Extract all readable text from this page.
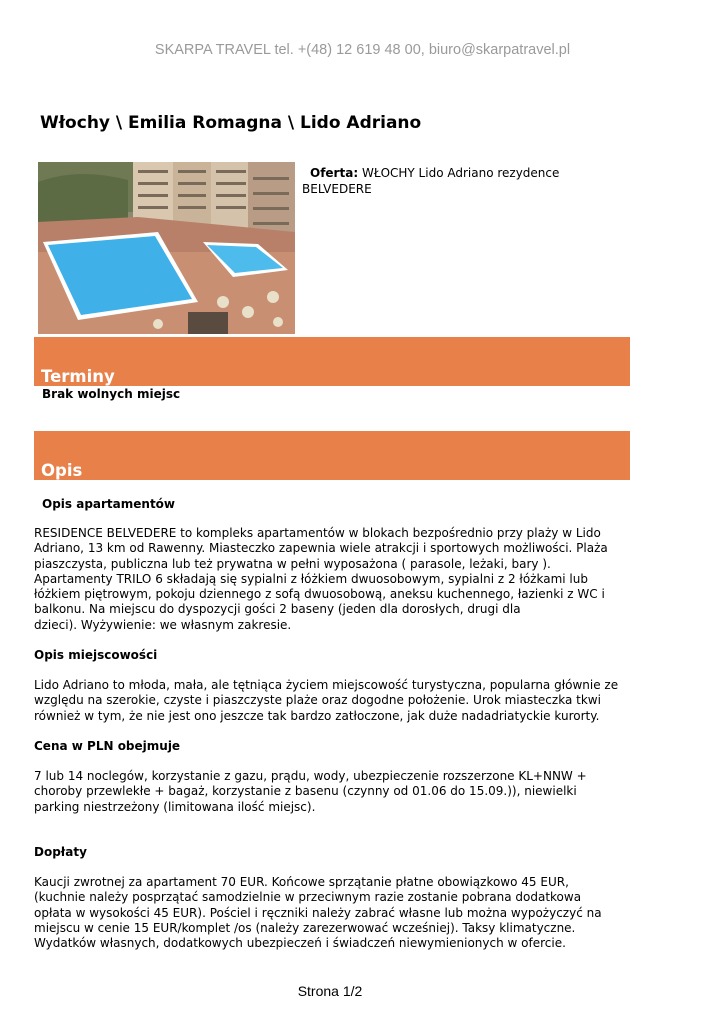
SKARPA TRAVEL tel. +(48) 12 619 48 00, biuro@skarpatravel.pl
Włochy \ Emilia Romagna \ Lido Adriano
Oferta: WŁOCHY Lido Adriano rezydence
BELVEDERE
Terminy
Brak wolnych miejsc
Opis
Opis apartamentów
RESIDENCE BELVEDERE to kompleks apartamentów w blokach bezpośrednio przy plaży w Lido
Adriano, 13 km od Rawenny. Miasteczko zapewnia wiele atrakcji i sportowych możliwości. Plaża
piaszczysta, publiczna lub też prywatna w pełni wyposażona ( parasole, leżaki, bary ).
Apartamenty TRILO 6 składają się sypialni z łóżkiem dwuosobowym, sypialni z 2 łóżkami lub
łóżkiem piętrowym, pokoju dziennego z sofą dwuosobową, aneksu kuchennego, łazienki z WC i
balkonu. Na miejscu do dyspozycji gości 2 baseny (jeden dla dorosłych, drugi dla
dzieci). Wyżywienie: we własnym zakresie.
Opis miejscowości
Lido Adriano to młoda, mała, ale tętniąca życiem miejscowość turystyczna, popularna głównie ze
względu na szerokie, czyste i piaszczyste plaże oraz dogodne położenie. Urok miasteczka tkwi
również w tym, że nie jest ono jeszcze tak bardzo zatłoczone, jak duże nadadriatyckie kurorty.
Cena w PLN obejmuje
7 lub 14 noclegów, korzystanie z gazu, prądu, wody, ubezpieczenie rozszerzone KL+NNW +
choroby przewlekłe + bagaż, korzystanie z basenu (czynny od 01.06 do 15.09.)), niewielki
parking niestrzeżony (limitowana ilość miejsc).
Dopłaty
Kaucji zwrotnej za apartament 70 EUR. Końcowe sprzątanie płatne obowiązkowo 45 EUR,
(kuchnie należy posprzątać samodzielnie w przeciwnym razie zostanie pobrana dodatkowa
opłata w wysokości 45 EUR). Pościel i ręczniki należy zabrać własne lub można wypożyczyć na
miejscu w cenie 15 EUR/komplet /os (należy zarezerwować wcześniej). Taksy klimatyczne.
Wydatków własnych, dodatkowych ubezpieczeń i świadczeń niewymienionych w ofercie.
Strona 1/2
